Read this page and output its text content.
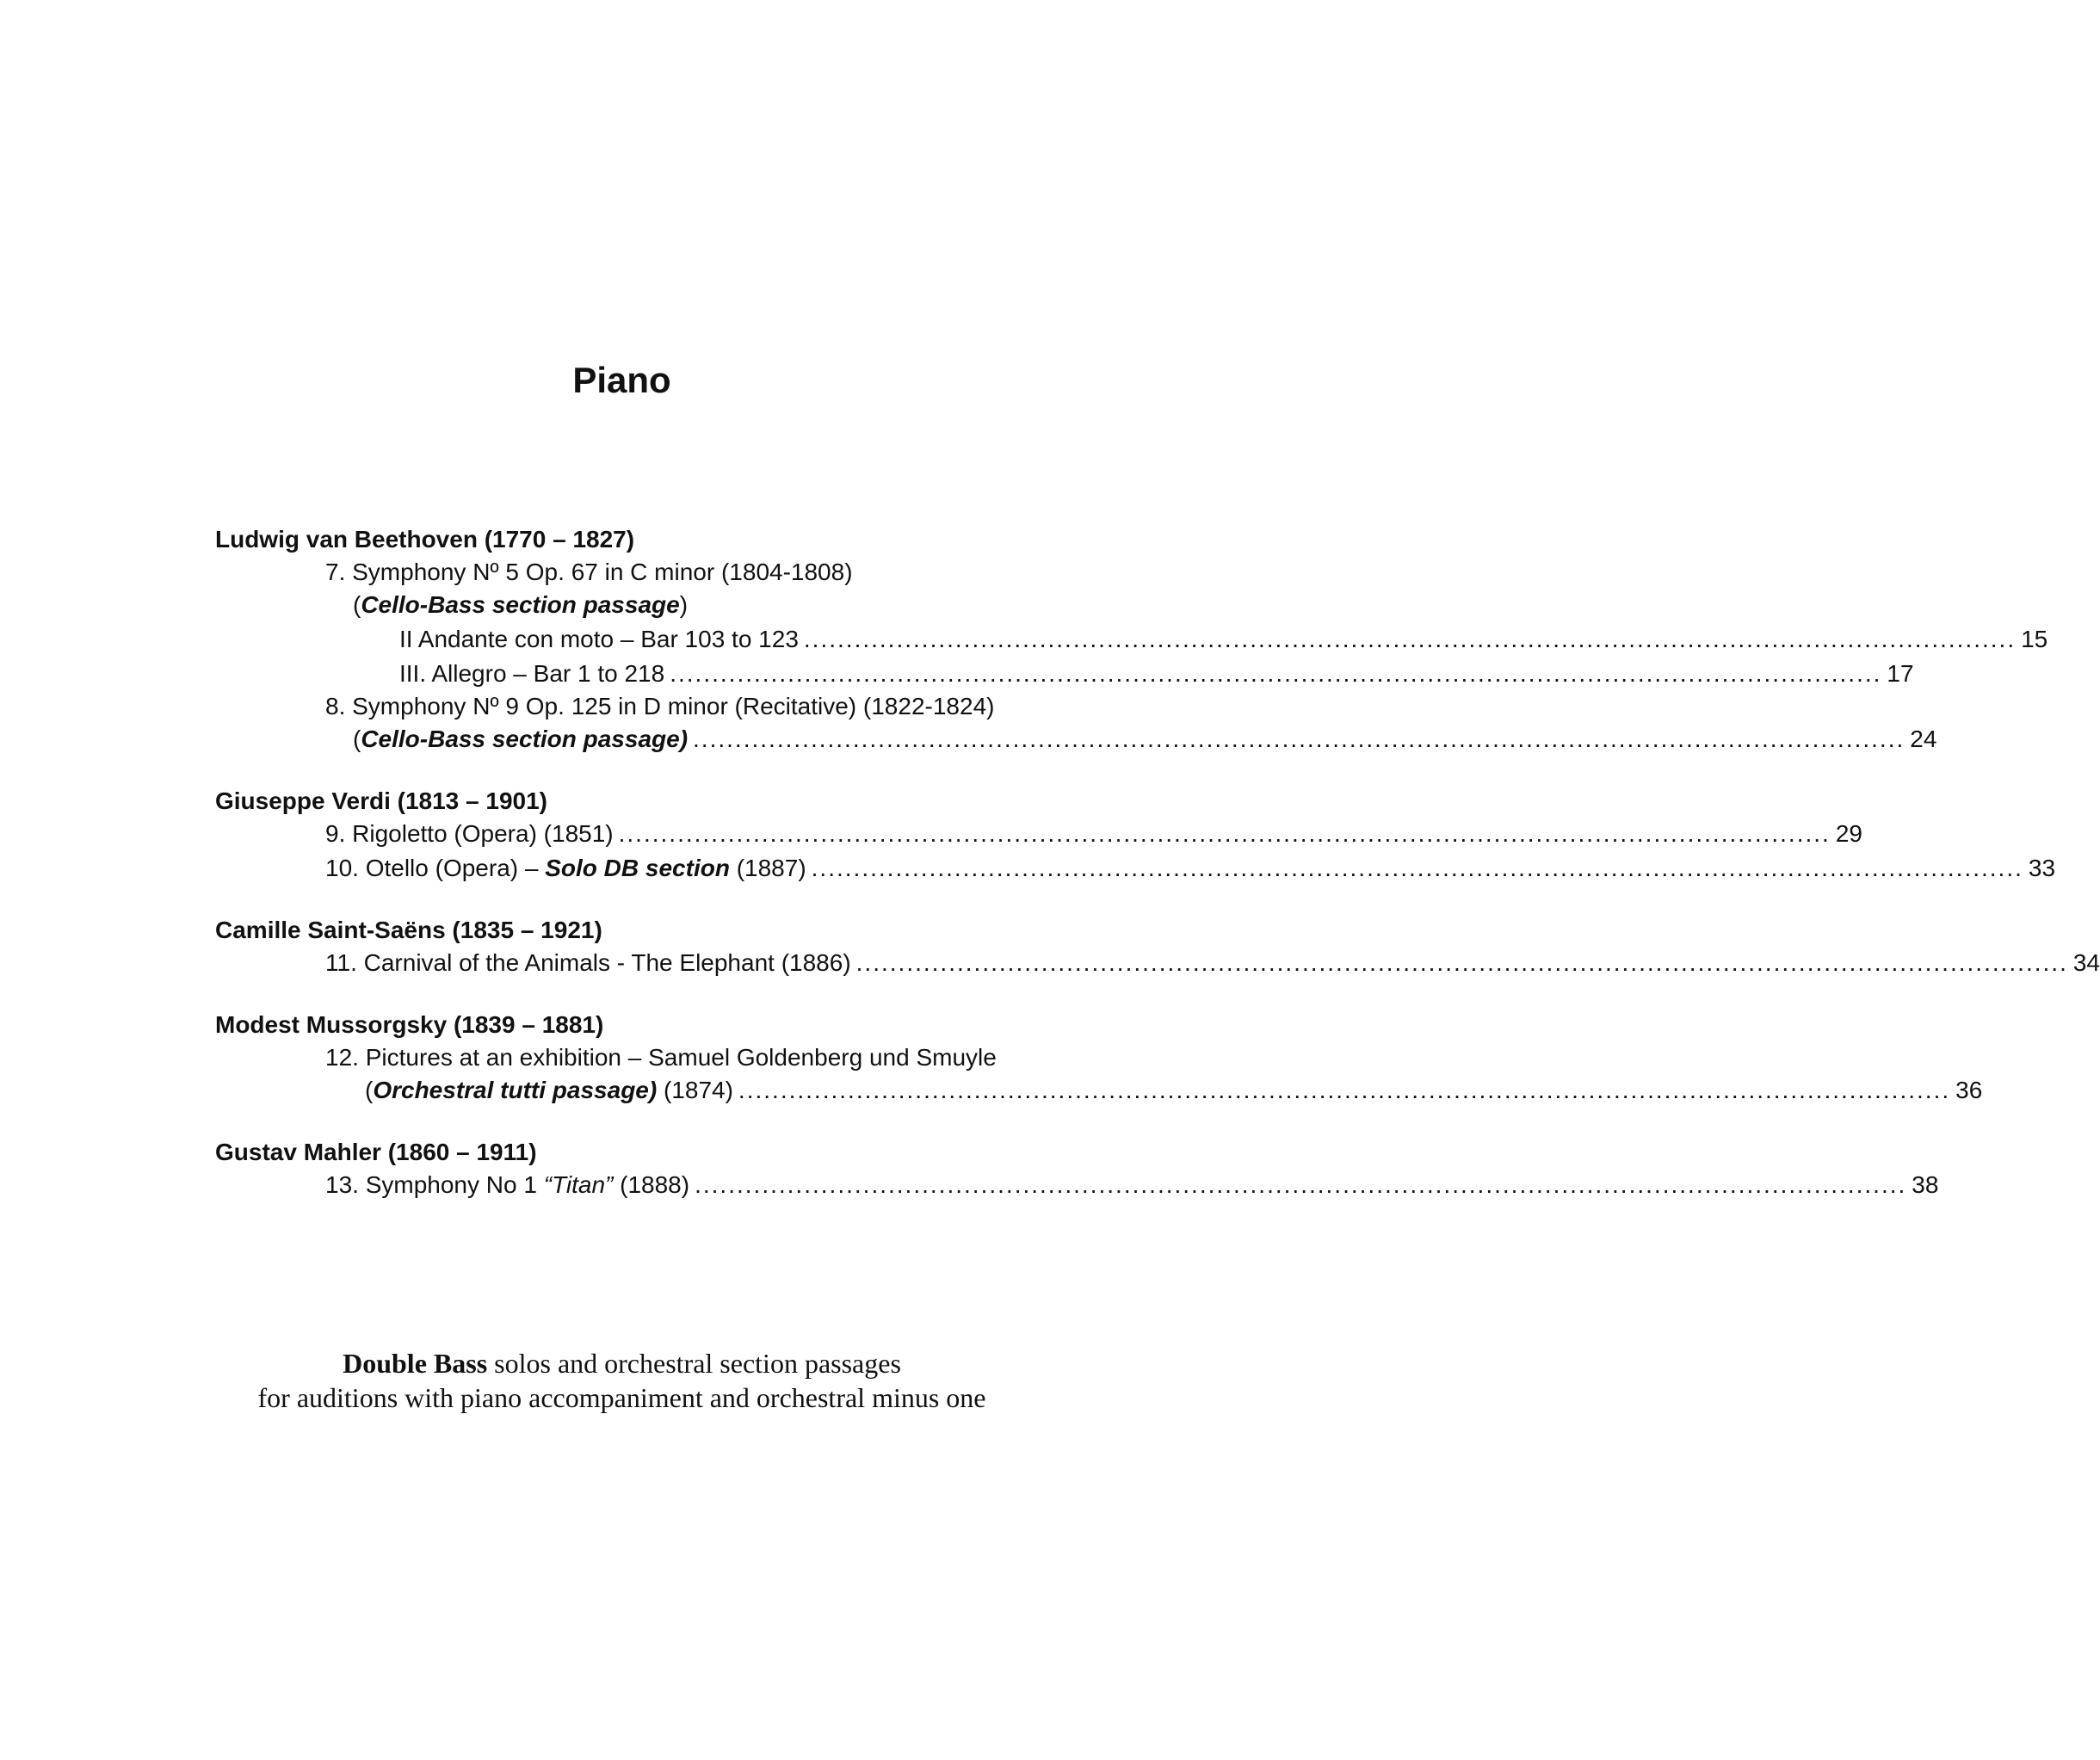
Piano
Ludwig van Beethoven (1770 – 1827)
7. Symphony Nº 5 Op. 67 in C minor (1804-1808)
(Cello-Bass section passage)
II Andante con moto – Bar 103 to 123 ................................................................................................................................................ 15
III. Allegro – Bar 1 to 218 ................................................................................................................................................ 17
8. Symphony Nº 9 Op. 125 in D minor (Recitative) (1822-1824)
(Cello-Bass section passage) ................................................................................................................................................ 24
Giuseppe Verdi (1813 – 1901)
9. Rigoletto (Opera) (1851) ................................................................................................................................................ 29
10. Otello (Opera) – Solo DB section (1887) ................................................................................................................................................ 33
Camille Saint-Saëns (1835 – 1921)
11. Carnival of the Animals - The Elephant (1886) ................................................................................................................................................ 34
Modest Mussorgsky (1839 – 1881)
12. Pictures at an exhibition – Samuel Goldenberg und Smuyle
(Orchestral tutti passage) (1874) ................................................................................................................................................ 36
Gustav Mahler (1860 – 1911)
13. Symphony No 1 “Titan” (1888) ................................................................................................................................................ 38
Double Bass solos and orchestral section passages
for auditions with piano accompaniment and orchestral minus one
